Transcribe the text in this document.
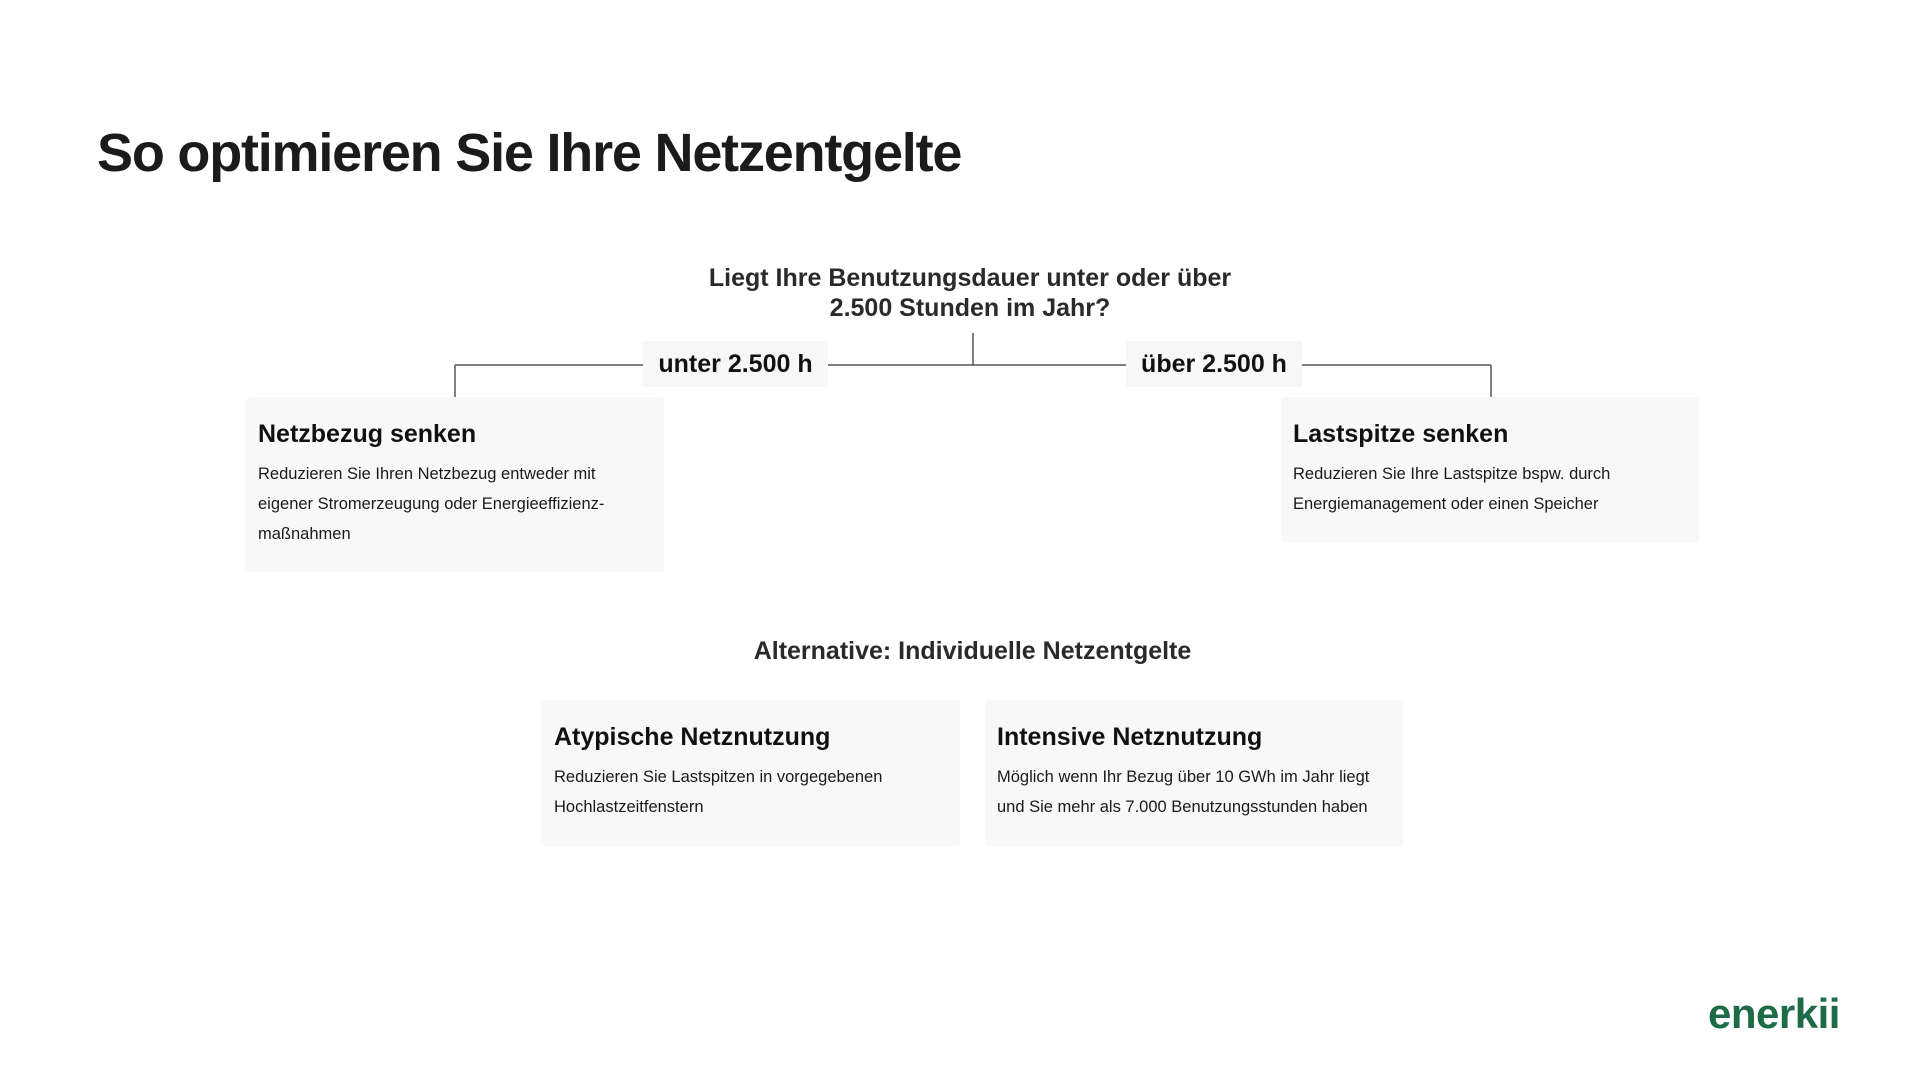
So optimieren Sie Ihre Netzentgelte
Liegt Ihre Benutzungsdauer unter oder über
2.500 Stunden im Jahr?
unter 2.500 h	über 2.500 h
Netzbezug senken
Reduzieren Sie Ihren Netzbezug entweder mit eigener Stromerzeugung oder Energieeffizienz-maßnahmen
Lastspitze senken
Reduzieren Sie Ihre Lastspitze bspw. durch Energiemanagement oder einen Speicher
Alternative: Individuelle Netzentgelte
Atypische Netznutzung
Reduzieren Sie Lastspitzen in vorgegebenen Hochlastzeitfenstern
Intensive Netznutzung
Möglich wenn Ihr Bezug über 10 GWh im Jahr liegt und Sie mehr als 7.000 Benutzungsstunden haben
enerkii
